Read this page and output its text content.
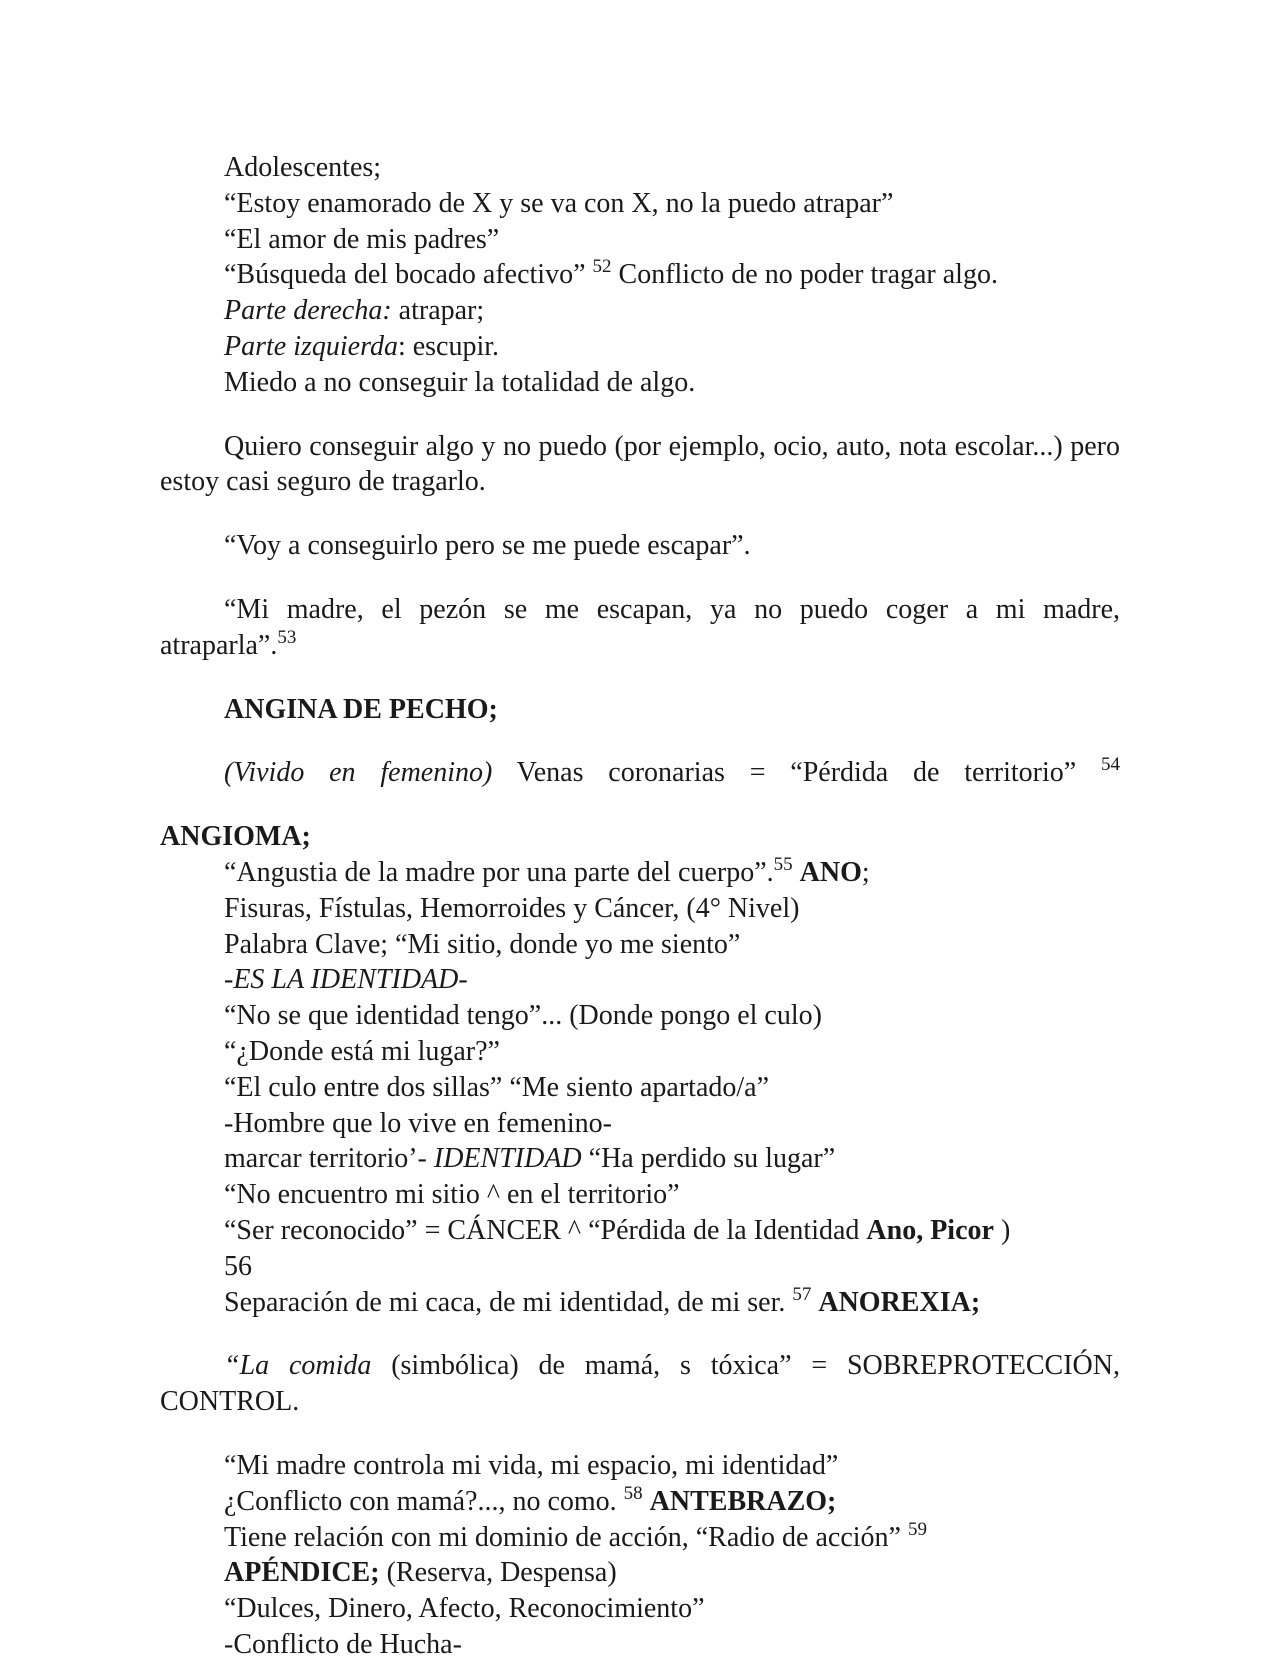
Adolescentes;

“Estoy enamorado de X y se va con X, no la puedo atrapar”

“El amor de mis padres”

“Búsqueda del bocado afectivo” $^{52}$ Conflicto de no poder tragar algo.

Parte derecha: atrapar;

Parte izquierda: escupir.

Miedo a no conseguir la totalidad de algo.

Quiero conseguir algo y no puedo (por ejemplo, ocio, auto, nota escolar...) pero estoy casi seguro de tragarlo.

“Voy a conseguirlo pero se me puede escapar”.

“Mi madre, el pezón se me escapan, ya no puedo coger a mi madre, atraparla”.$^{53}$

ANGINA DE PECHO;

(Vivido en femenino) Venas coronarias = “Pérdida de territorio” $^{54}$

ANGIOMA;

“Angustia de la madre por una parte del cuerpo”.$^{55}$ ANO;

Fisuras, Fístulas, Hemorroides y Cáncer, (4° Nivel)

Palabra Clave; “Mi sitio, donde yo me siento”

-ES LA IDENTIDAD-

“No se que identidad tengo”... (Donde pongo el culo)

“¿Donde está mi lugar?”

“El culo entre dos sillas” “Me siento apartado/a”

-Hombre que lo vive en femenino-

marcar territorio’- IDENTIDAD “Ha perdido su lugar”

“No encuentro mi sitio ^ en el territorio”

“Ser reconocido” = CÁNCER ^ “Pérdida de la Identidad Ano, Picor )

56

Separación de mi caca, de mi identidad, de mi ser. $^{57}$ ANOREXIA;

“La comida (simbólica) de mamá, s tóxica” = SOBREPROTECCIÓN, CONTROL.

“Mi madre controla mi vida, mi espacio, mi identidad”

¿Conflicto con mamá?..., no como. $^{58}$ ANTEBRAZO;

Tiene relación con mi dominio de acción, “Radio de acción” $^{59}$

APÉNDICE; (Reserva, Despensa)

“Dulces, Dinero, Afecto, Reconocimiento”

-Conflicto de Hucha-
